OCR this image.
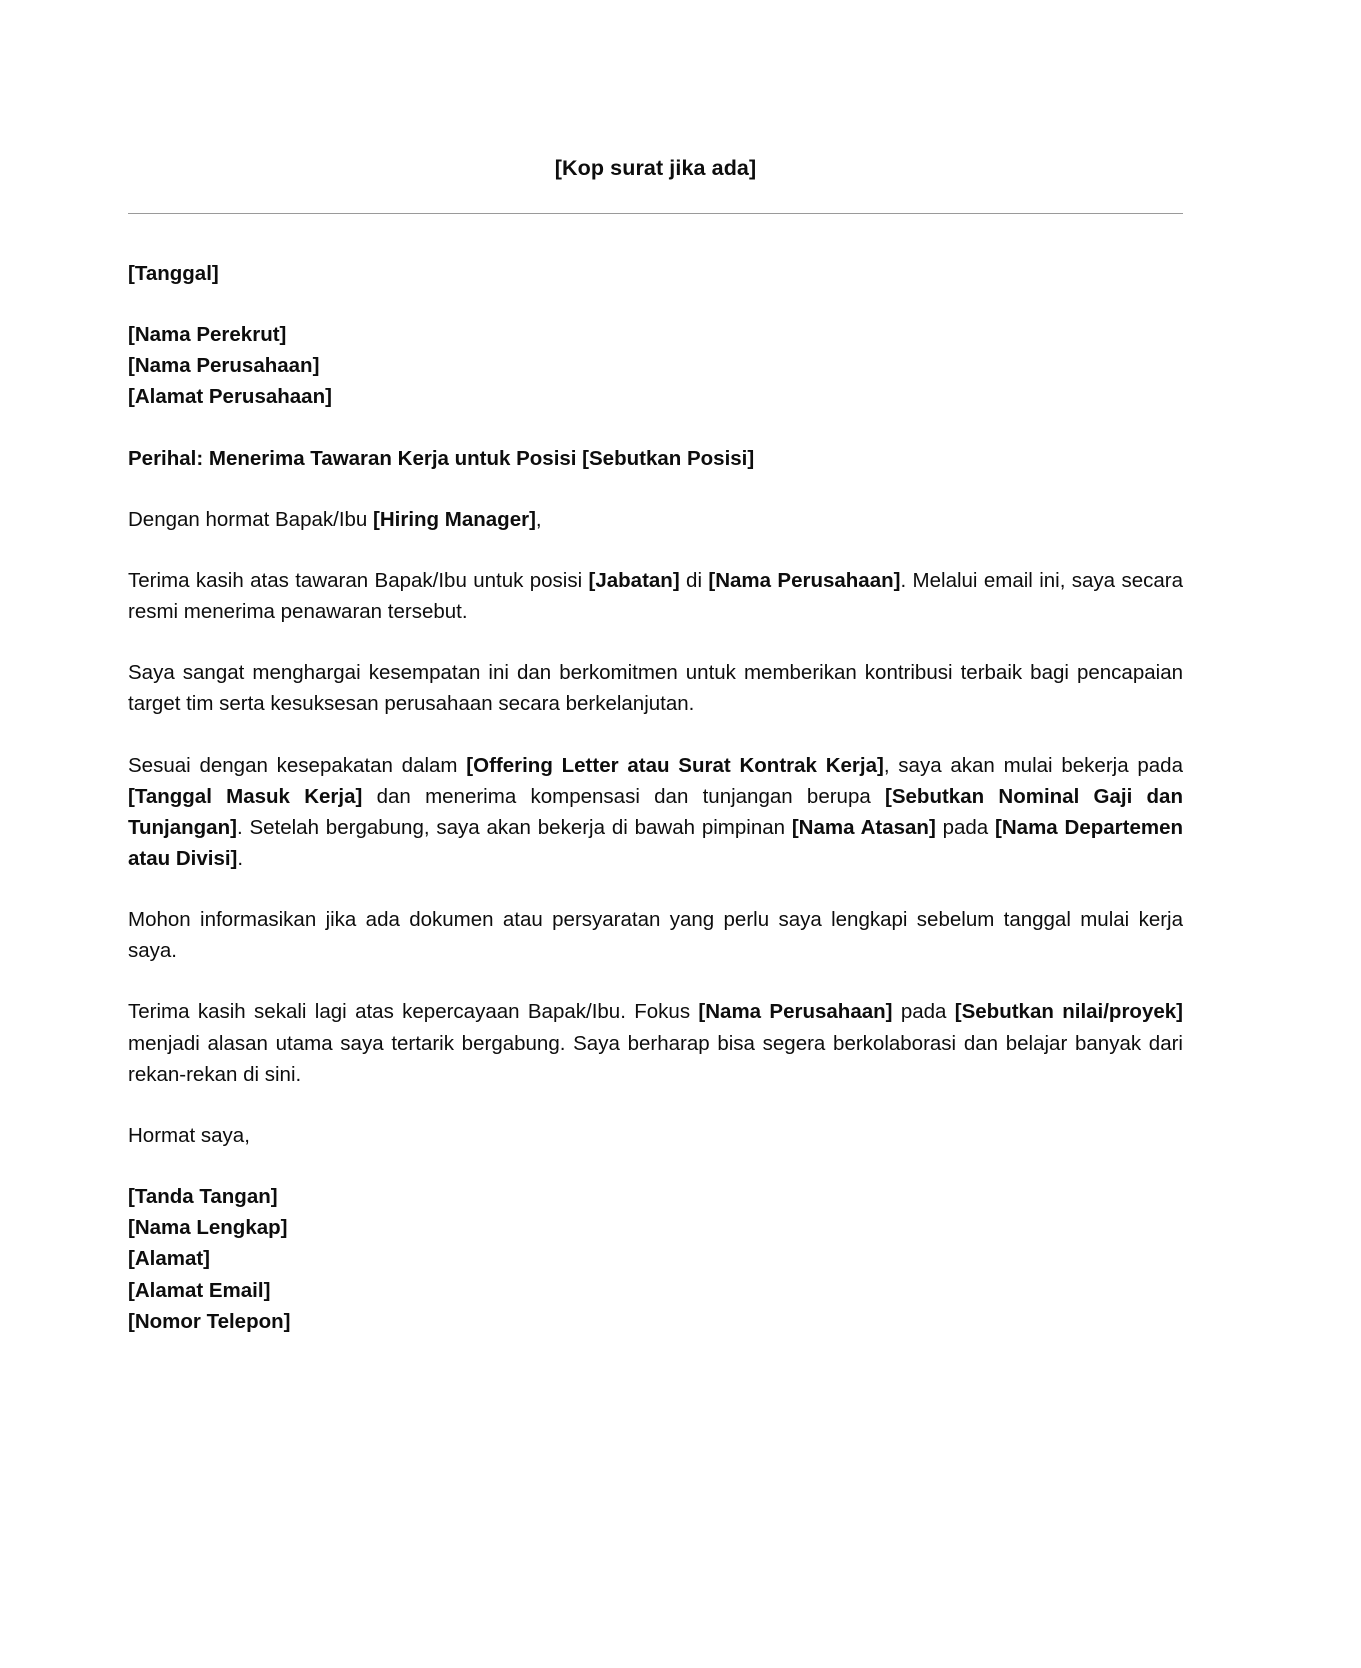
[Kop surat jika ada]
[Tanggal]
[Nama Perekrut]
[Nama Perusahaan]
[Alamat Perusahaan]
Perihal: Menerima Tawaran Kerja untuk Posisi [Sebutkan Posisi]

Dengan hormat Bapak/Ibu [Hiring Manager],

Terima kasih atas tawaran Bapak/Ibu untuk posisi [Jabatan] di [Nama Perusahaan]. Melalui email ini, saya secara resmi menerima penawaran tersebut.

Saya sangat menghargai kesempatan ini dan berkomitmen untuk memberikan kontribusi terbaik bagi pencapaian target tim serta kesuksesan perusahaan secara berkelanjutan.

Sesuai dengan kesepakatan dalam [Offering Letter atau Surat Kontrak Kerja], saya akan mulai bekerja pada [Tanggal Masuk Kerja] dan menerima kompensasi dan tunjangan berupa [Sebutkan Nominal Gaji dan Tunjangan]. Setelah bergabung, saya akan bekerja di bawah pimpinan [Nama Atasan] pada [Nama Departemen atau Divisi].

Mohon informasikan jika ada dokumen atau persyaratan yang perlu saya lengkapi sebelum tanggal mulai kerja saya.

Terima kasih sekali lagi atas kepercayaan Bapak/Ibu. Fokus [Nama Perusahaan] pada [Sebutkan nilai/proyek] menjadi alasan utama saya tertarik bergabung. Saya berharap bisa segera berkolaborasi dan belajar banyak dari rekan-rekan di sini.

Hormat saya,
[Tanda Tangan]
[Nama Lengkap]
[Alamat]
[Alamat Email]
[Nomor Telepon]
